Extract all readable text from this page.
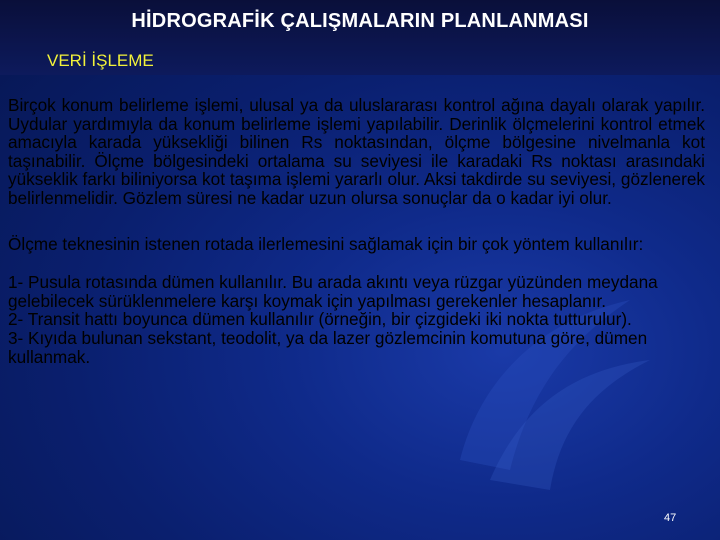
HİDROGRAFİK ÇALIŞMALARIN PLANLANMASI
VERİ İŞLEME

Birçok konum belirleme işlemi, ulusal ya da uluslararası kontrol ağına dayalı olarak yapılır. Uydular yardımıyla da konum belirleme işlemi yapılabilir. Derinlik ölçmelerini kontrol etmek amacıyla karada yüksekliği bilinen Rs noktasından, ölçme bölgesine nivelmanla kot taşınabilir. Ölçme bölgesindeki ortalama su seviyesi ile karadaki Rs noktası arasındaki yükseklik farkı biliniyorsa kot taşıma işlemi yararlı olur. Aksi takdirde su seviyesi, gözlenerek belirlenmelidir. Gözlem süresi ne kadar uzun olursa sonuçlar da o kadar iyi olur.

Ölçme teknesinin istenen rotada ilerlemesini sağlamak için bir çok yöntem kullanılır:

1- Pusula rotasında dümen kullanılır. Bu arada akıntı veya rüzgar yüzünden meydana gelebilecek sürüklenmelere karşı koymak için yapılması gerekenler hesaplanır.

2- Transit hattı boyunca dümen kullanılır (örneğin, bir çizgideki iki nokta tutturulur).

3- Kıyıda bulunan sekstant, teodolit, ya da lazer gözlemcinin komutuna göre, dümen kullanmak.

47
